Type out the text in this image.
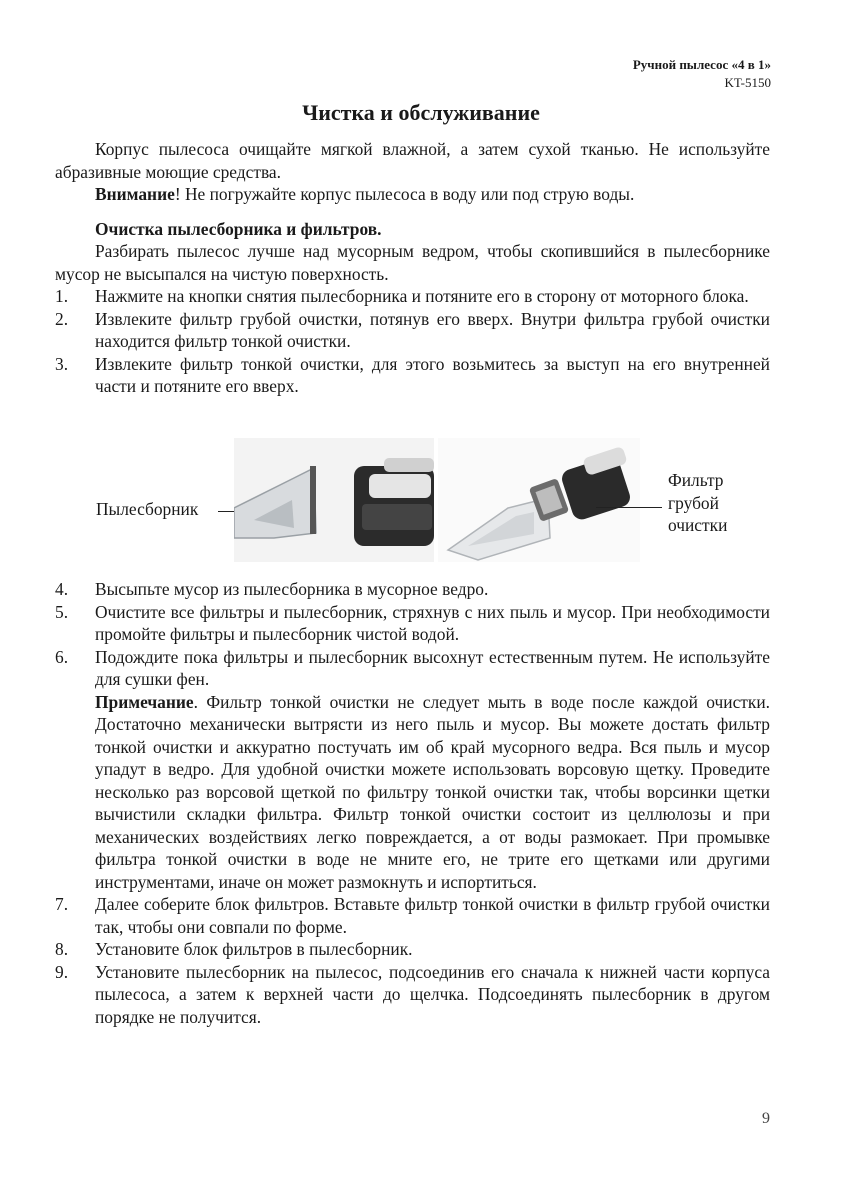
Ручной пылесос «4 в 1»
KT-5150
Чистка и обслуживание

Корпус пылесоса очищайте мягкой влажной, а затем сухой тканью. Не используйте абразивные моющие средства.

Внимание! Не погружайте корпус пылесоса в воду или под струю воды.

Очистка пылесборника и фильтров.

Разбирать пылесос лучше над мусорным ведром, чтобы скопившийся в пылесборнике мусор не высыпался на чистую поверхность.

1.	Нажмите на кнопки снятия пылесборника и потяните его в сторону от моторного блока.
2.	Извлеките фильтр грубой очистки, потянув его вверх. Внутри фильтра грубой очистки находится фильтр тонкой очистки.
3.	Извлеките фильтр тонкой очистки, для этого возьмитесь за выступ на его внутренней части и потяните его вверх.
Пылесборник
Фильтр
грубой
очистки
4.	Высыпьте мусор из пылесборника в мусорное ведро.
5.	Очистите все фильтры и пылесборник, стряхнув с них пыль и мусор. При необходимости промойте фильтры и пылесборник чистой водой.
6.	Подождите пока фильтры и пылесборник высохнут естественным путем. Не используйте для сушки фен.

Примечание. Фильтр тонкой очистки не следует мыть в воде после каждой очистки. Достаточно механически вытрясти из него пыль и мусор. Вы можете достать фильтр тонкой очистки и аккуратно постучать им об край мусорного ведра. Вся пыль и мусор упадут в ведро. Для удобной очистки можете использовать ворсовую щетку. Проведите несколько раз ворсовой щеткой по фильтру тонкой очистки так, чтобы ворсинки щетки вычистили складки фильтра. Фильтр тонкой очистки состоит из целлюлозы и при механических воздействиях легко повреждается, а от воды размокает. При промывке фильтра тонкой очистки в воде не мните его, не трите его щетками или другими инструментами, иначе он может размокнуть и испортиться.

7.	Далее соберите блок фильтров. Вставьте фильтр тонкой очистки в фильтр грубой очистки так, чтобы они совпали по форме.
8.	Установите блок фильтров в пылесборник.
9.	Установите пылесборник на пылесос, подсоединив его сначала к нижней части корпуса пылесоса, а затем к верхней части до щелчка. Подсоединять пылесборник в другом порядке не получится.
9
